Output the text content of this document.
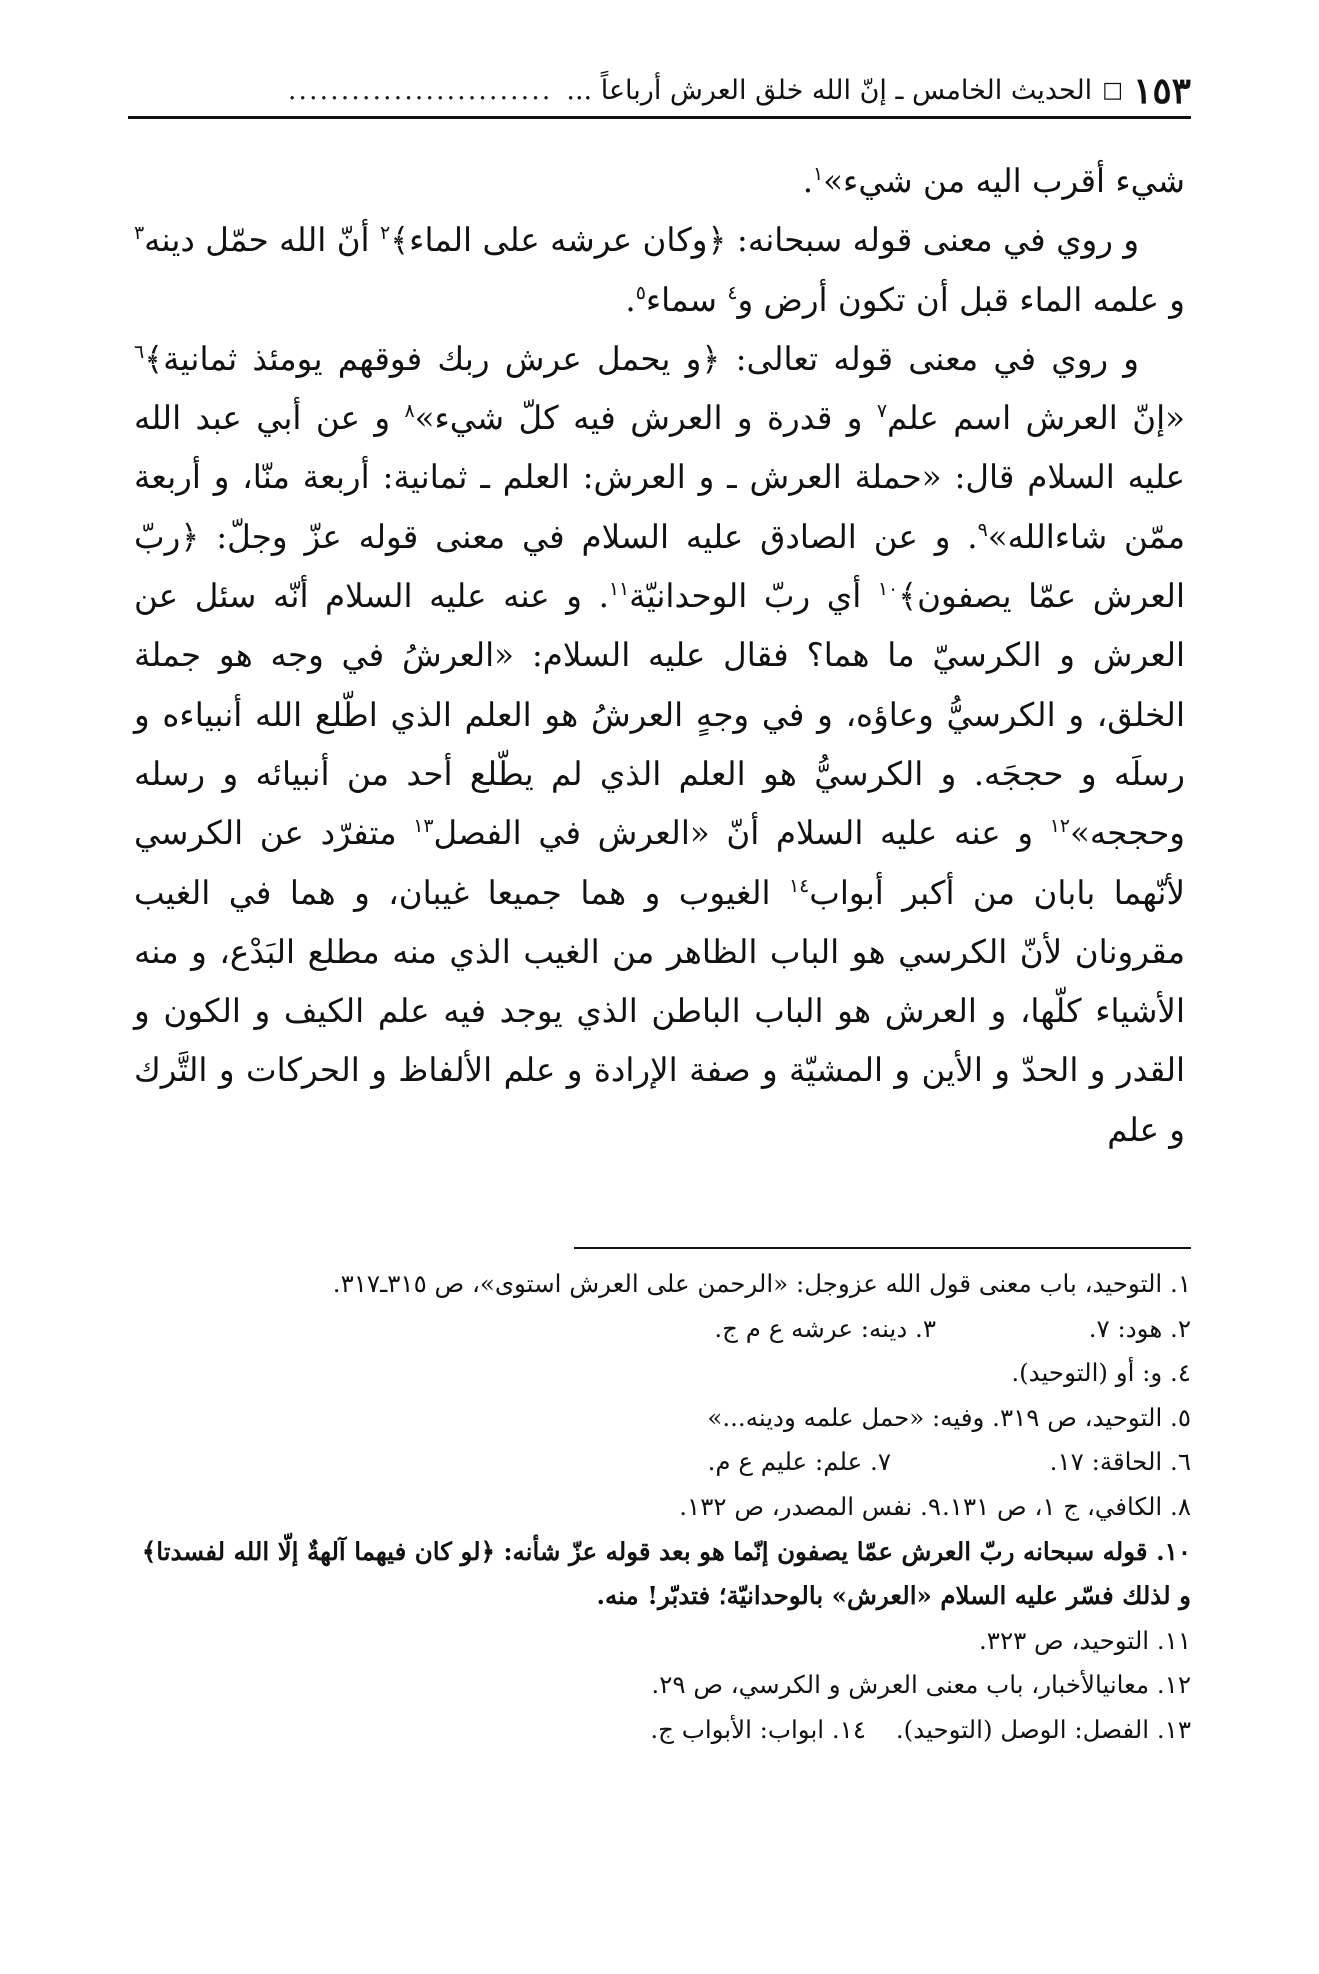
١٥٣
□
الحديث الخامس ـ إنّ الله خلق العرش أرباعاً ...
.........................

شيء أقرب اليه من شيء»$^١$.

و روي في معنى قوله سبحانه: ﴿وكان عرشه على الماء﴾$^٢$ أنّ الله حمّل دينه$^٣$ و علمه الماء قبل أن تكون أرض و$^٤$ سماء$^٥$.

و روي في معنى قوله تعالى: ﴿و يحمل عرش ربك فوقهم يومئذ ثمانية﴾$^٦$ «إنّ العرش اسم علم$^٧$ و قدرة و العرش فيه كلّ شيء»$^٨$ و عن أبي عبد الله عليه السلام قال: «حملة العرش ـ و العرش: العلم ـ ثمانية: أربعة منّا، و أربعة ممّن شاءالله»$^٩$. و عن الصادق عليه السلام في معنى قوله عزّ وجلّ: ﴿ربّ العرش عمّا يصفون﴾$^{١٠}$ أي ربّ الوحدانيّة$^{١١}$. و عنه عليه السلام أنّه سئل عن العرش و الكرسيّ ما هما؟ فقال عليه السلام: «العرشُ في وجه هو جملة الخلق، و الكرسيُّ وعاؤه، و في وجهٍ العرشُ هو العلم الذي اطّلع الله أنبياءه و رسلَه و حججَه. و الكرسيُّ هو العلم الذي لم يطّلع أحد من أنبيائه و رسله وحججه»$^{١٢}$ و عنه عليه السلام أنّ «العرش في الفصل$^{١٣}$ متفرّد عن الكرسي لأنّهما بابان من أكبر أبواب$^{١٤}$ الغيوب و هما جميعا غيبان، و هما في الغيب مقرونان لأنّ الكرسي هو الباب الظاهر من الغيب الذي منه مطلع البَدْع، و منه الأشياء كلّها، و العرش هو الباب الباطن الذي يوجد فيه علم الكيف و الكون و القدر و الحدّ و الأين و المشيّة و صفة الإرادة و علم الألفاظ و الحركات و التَّرك و علم

١. التوحيد، باب معنى قول الله عزوجل: «الرحمن على العرش استوى»، ص ٣١٥ـ٣١٧.
٢. هود: ٧.
٣. دينه: عرشه ع م ج.
٤. و: أو (التوحيد).
٥. التوحيد، ص ٣١٩. وفيه: «حمل علمه ودينه...»
٦. الحاقة: ١٧.
٧. علم: عليم ع م.
٨. الكافي، ج ١، ص ١٣١.
٩. نفس المصدر، ص ١٣٢.
١٠. قوله سبحانه ربّ العرش عمّا يصفون إنّما هو بعد قوله عزّ شأنه: ﴿لو كان فيهما آلهةٌ إلّا الله لفسدتا﴾ و لذلك فسّر عليه السلام «العرش» بالوحدانيّة؛ فتدبّر! منه.
١١. التوحيد، ص ٣٢٣.
١٢. معانيالأخبار، باب معنى العرش و الكرسي، ص ٢٩.
١٣. الفصل: الوصل (التوحيد).
١٤. ابواب: الأبواب ج.
